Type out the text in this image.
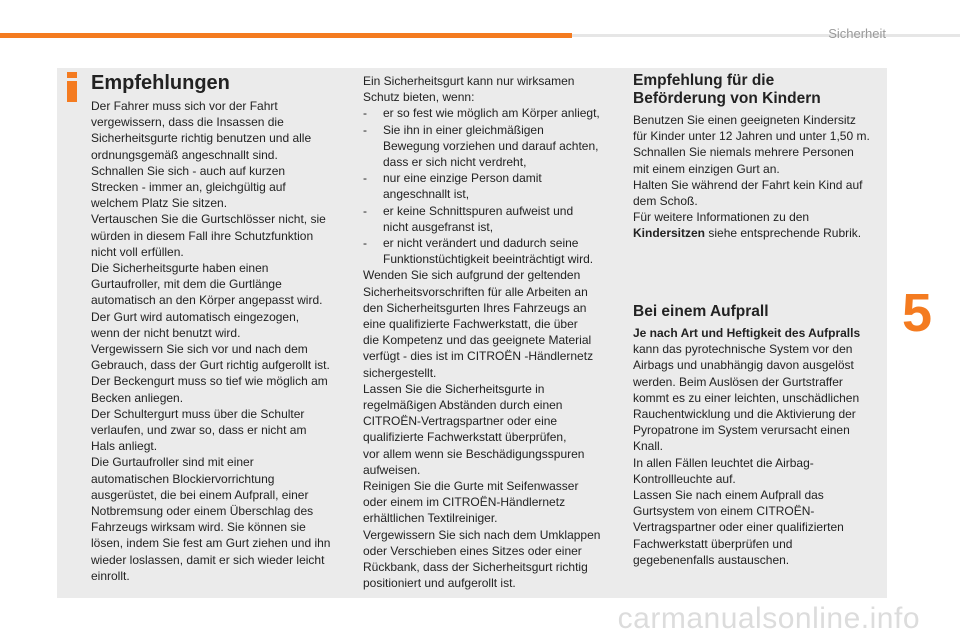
Sicherheit
Empfehlungen
Der Fahrer muss sich vor der Fahrt
vergewissern, dass die Insassen die
Sicherheitsgurte richtig benutzen und alle
ordnungsgemäß angeschnallt sind.
Schnallen Sie sich - auch auf kurzen
Strecken - immer an, gleichgültig auf
welchem Platz Sie sitzen.
Vertauschen Sie die Gurtschlösser nicht, sie
würden in diesem Fall ihre Schutzfunktion
nicht voll erfüllen.
Die Sicherheitsgurte haben einen
Gurtaufroller, mit dem die Gurtlänge
automatisch an den Körper angepasst wird.
Der Gurt wird automatisch eingezogen,
wenn der nicht benutzt wird.
Vergewissern Sie sich vor und nach dem
Gebrauch, dass der Gurt richtig aufgerollt ist.
Der Beckengurt muss so tief wie möglich am
Becken anliegen.
Der Schultergurt muss über die Schulter
verlaufen, und zwar so, dass er nicht am
Hals anliegt.
Die Gurtaufroller sind mit einer
automatischen Blockiervorrichtung
ausgerüstet, die bei einem Aufprall, einer
Notbremsung oder einem Überschlag des
Fahrzeugs wirksam wird. Sie können sie
lösen, indem Sie fest am Gurt ziehen und ihn
wieder loslassen, damit er sich wieder leicht
einrollt.
Ein Sicherheitsgurt kann nur wirksamen
Schutz bieten, wenn:
-	er so fest wie möglich am Körper anliegt,
-	Sie ihn in einer gleichmäßigen
Bewegung vorziehen und darauf achten,
dass er sich nicht verdreht,
-	nur eine einzige Person damit
angeschnallt ist,
-	er keine Schnittspuren aufweist und
nicht ausgefranst ist,
-	er nicht verändert und dadurch seine
Funktionstüchtigkeit beeinträchtigt wird.
Wenden Sie sich aufgrund der geltenden
Sicherheitsvorschriften für alle Arbeiten an
den Sicherheitsgurten Ihres Fahrzeugs an
eine qualifizierte Fachwerkstatt, die über
die Kompetenz und das geeignete Material
verfügt - dies ist im CITROËN -Händlernetz
sichergestellt.
Lassen Sie die Sicherheitsgurte in
regelmäßigen Abständen durch einen
CITROËN-Vertragspartner oder eine
qualifizierte Fachwerkstatt überprüfen,
vor allem wenn sie Beschädigungsspuren
aufweisen.
Reinigen Sie die Gurte mit Seifenwasser
oder einem im CITROËN-Händlernetz
erhältlichen Textilreiniger.
Vergewissern Sie sich nach dem Umklappen
oder Verschieben eines Sitzes oder einer
Rückbank, dass der Sicherheitsgurt richtig
positioniert und aufgerollt ist.
Empfehlung für die
Beförderung von Kindern
Benutzen Sie einen geeigneten Kindersitz
für Kinder unter 12 Jahren und unter 1,50 m.
Schnallen Sie niemals mehrere Personen
mit einem einzigen Gurt an.
Halten Sie während der Fahrt kein Kind auf
dem Schoß.
Für weitere Informationen zu den
Kindersitzen siehe entsprechende Rubrik.
Bei einem Aufprall
Je nach Art und Heftigkeit des Aufpralls
kann das pyrotechnische System vor den
Airbags und unabhängig davon ausgelöst
werden. Beim Auslösen der Gurtstraffer
kommt es zu einer leichten, unschädlichen
Rauchentwicklung und die Aktivierung der
Pyropatrone im System verursacht einen
Knall.
In allen Fällen leuchtet die Airbag-
Kontrollleuchte auf.
Lassen Sie nach einem Aufprall das
Gurtsystem von einem CITROËN-
Vertragspartner oder einer qualifizierten
Fachwerkstatt überprüfen und
gegebenenfalls austauschen.
5
carmanualsonline.info
